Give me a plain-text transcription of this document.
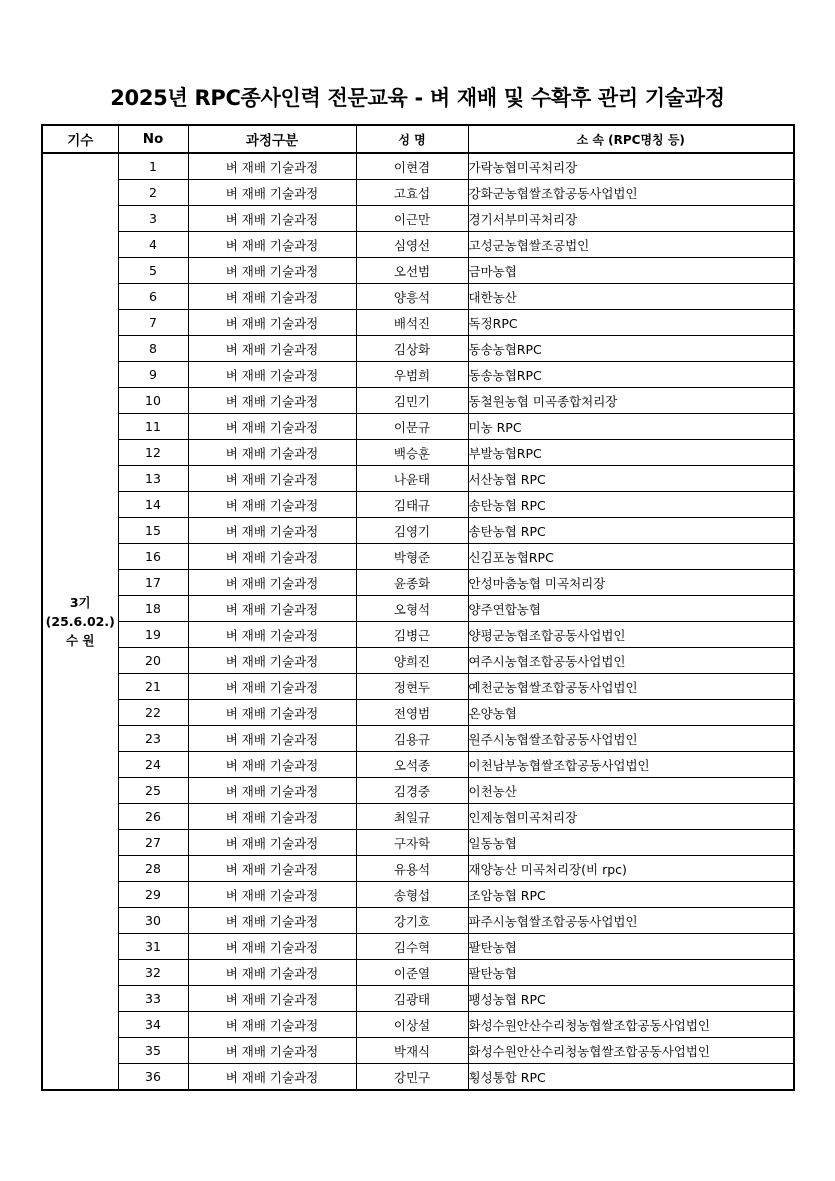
2025년 RPC종사인력 전문교육 - 벼 재배 및 수확후 관리 기술과정
기수	No	과정구분	성 명	소 속 (RPC명칭 등)

3기
(25.6.02.)
수 원	1	벼 재배 기술과정	이현겸	가락농협미곡처리장
	2	벼 재배 기술과정	고효섭	강화군농협쌀조합공동사업법인
	3	벼 재배 기술과정	이근만	경기서부미곡처리장
	4	벼 재배 기술과정	심영선	고성군농협쌀조공법인
	5	벼 재배 기술과정	오선범	금마농협
	6	벼 재배 기술과정	양흥석	대한농산
	7	벼 재배 기술과정	배석진	독정RPC
	8	벼 재배 기술과정	김상화	동송농협RPC
	9	벼 재배 기술과정	우범희	동송농협RPC
	10	벼 재배 기술과정	김민기	동철원농협 미곡종합처리장
	11	벼 재배 기술과정	이문규	미농 RPC
	12	벼 재배 기술과정	백승훈	부발농협RPC
	13	벼 재배 기술과정	나윤태	서산농협 RPC
	14	벼 재배 기술과정	김태규	송탄농협 RPC
	15	벼 재배 기술과정	김영기	송탄농협 RPC
	16	벼 재배 기술과정	박형준	신김포농협RPC
	17	벼 재배 기술과정	윤종화	안성마춤농협 미곡처리장
	18	벼 재배 기술과정	오형석	양주연합농협
	19	벼 재배 기술과정	김병근	양평군농협조합공동사업법인
	20	벼 재배 기술과정	양희진	여주시농협조합공동사업법인
	21	벼 재배 기술과정	정현두	예천군농협쌀조합공동사업법인
	22	벼 재배 기술과정	전영범	온양농협
	23	벼 재배 기술과정	김용규	원주시농협쌀조합공동사업법인
	24	벼 재배 기술과정	오석종	이천남부농협쌀조합공동사업법인
	25	벼 재배 기술과정	김경중	이천농산
	26	벼 재배 기술과정	최일규	인제농협미곡처리장
	27	벼 재배 기술과정	구자학	일동농협
	28	벼 재배 기술과정	유용석	재양농산 미곡처리장(비 rpc)
	29	벼 재배 기술과정	송형섭	조암농협 RPC
	30	벼 재배 기술과정	강기호	파주시농협쌀조합공동사업법인
	31	벼 재배 기술과정	김수혁	팔탄농협
	32	벼 재배 기술과정	이준열	팔탄농협
	33	벼 재배 기술과정	김광태	팽성농협 RPC
	34	벼 재배 기술과정	이상설	화성수원안산수리청농협쌀조합공동사업법인
	35	벼 재배 기술과정	박재식	화성수원안산수리청농협쌀조합공동사업법인
	36	벼 재배 기술과정	강민구	횡성통합 RPC
